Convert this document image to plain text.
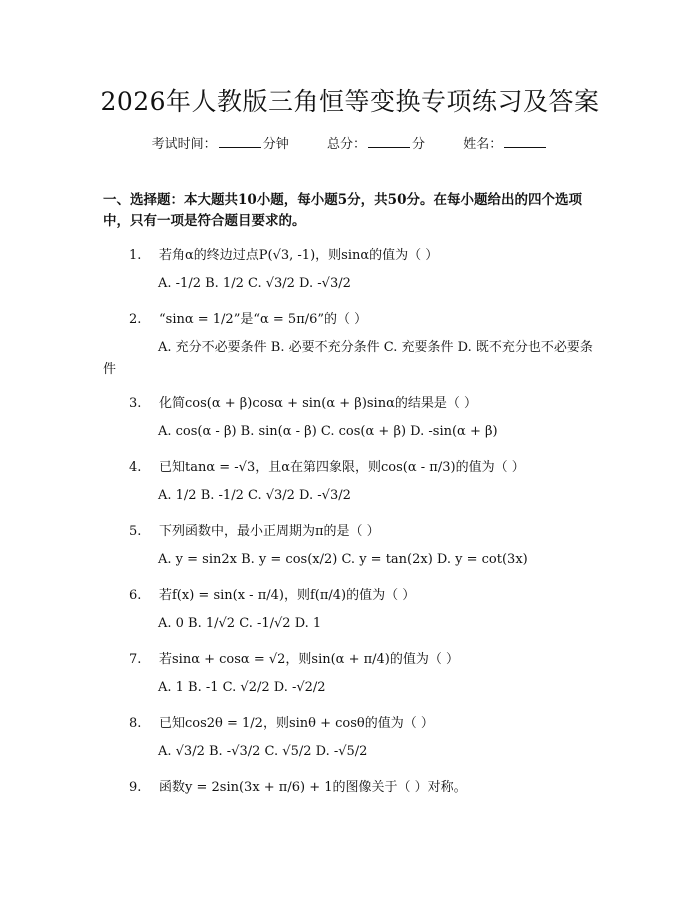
2026年人教版三角恒等变换专项练习及答案
考试时间：	分钟	总分：	分	姓名：
一、选择题：本大题共10小题，每小题5分，共50分。在每小题给出的四个选项中，只有一项是符合题目要求的。
1. 若角α的终边过点P(√3, -1)，则sinα的值为（ ）
A. -1/2 B. 1/2 C. √3/2 D. -√3/2
2. “sinα = 1/2”是“α = 5π/6”的（ ）
A. 充分不必要条件 B. 必要不充分条件 C. 充要条件 D. 既不充分也不必要条件
3. 化简cos(α + β)cosα + sin(α + β)sinα的结果是（ ）
A. cos(α - β) B. sin(α - β) C. cos(α + β) D. -sin(α + β)
4. 已知tanα = -√3，且α在第四象限，则cos(α - π/3)的值为（ ）
A. 1/2 B. -1/2 C. √3/2 D. -√3/2
5. 下列函数中，最小正周期为π的是（ ）
A. y = sin2x B. y = cos(x/2) C. y = tan(2x) D. y = cot(3x)
6. 若f(x) = sin(x - π/4)，则f(π/4)的值为（ ）
A. 0 B. 1/√2 C. -1/√2 D. 1
7. 若sinα + cosα = √2，则sin(α + π/4)的值为（ ）
A. 1 B. -1 C. √2/2 D. -√2/2
8. 已知cos2θ = 1/2，则sinθ + cosθ的值为（ ）
A. √3/2 B. -√3/2 C. √5/2 D. -√5/2
9. 函数y = 2sin(3x + π/6) + 1的图像关于（ ）对称。
